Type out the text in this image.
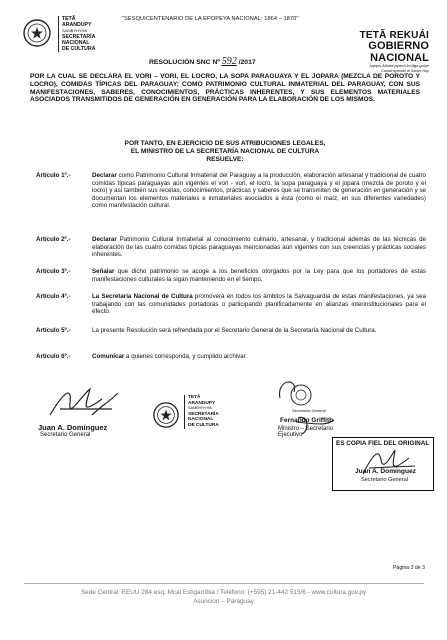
TETÃ
ARANDUPY
SAMBYHYHA
SECRETARÍA
NACIONAL
DE CULTURA
"SESQUICENTENARIO DE LA EPOPEYA NACIONAL: 1864 – 1870"
TETÃ REKUÁI
GOBIERNO NACIONAL
Jajapo Añoite japerõ ko'ãga guive
Construyendo el futuro hoy
RESOLUCIÓN SNC Nº 592 /2017
POR LA CUAL SE DECLARA EL VORI – VORI, EL LOCRO, LA SOPA PARAGUAYA Y EL JOPARA (MEZCLA DE POROTO Y LOCRO), COMIDAS TÍPICAS DEL PARAGUAY; COMO PATRIMONIO CULTURAL INMATERIAL DEL PARAGUAY, CON SUS MANIFESTACIONES, SABERES, CONOCIMIENTOS, PRÁCTICAS INHERENTES, Y SUS ELEMENTOS MATERIALES ASOCIADOS TRANSMITIDOS DE GENERACIÓN EN GENERACIÓN PARA LA ELABORACIÓN DE LOS MISMOS.
POR TANTO, EN EJERCICIO DE SUS ATRIBUCIONES LEGALES,
EL MINISTRO DE LA SECRETARÍA NACIONAL DE CULTURA
RESUELVE:
Artículo 1º.-	Declarar como Patrimonio Cultural Inmaterial del Paraguay a la producción, elaboración artesanal y tradicional de cuatro comidas típicas paraguayas aún vigentes el vori - vori, el locro, la sopa paraguaya y el jopara (mezcla de poroto y el locro) y así también sus recetas, conocimientos, prácticas y saberes que se transmiten de generación en generación y se documentan los elementos materiales e inmateriales asociados a ésta (como el maíz, en sus diferentes variedades) como manifestación cultural.
Artículo 2º.-	Declarar Patrimonio Cultural Inmaterial al conocimiento culinario, artesanal, y tradicional además de las técnicas de elaboración de las cuatro comidas típicas paraguayas mencionadas aún vigentes con sus creencias y prácticas sociales inherentes.
Artículo 3º.-	Señalar que dicho patrimonio se acoge a los beneficios otorgados por la Ley para que los portadores de estas manifestaciones culturales la sigan manteniendo en el tiempo.
Artículo 4º.-	La Secretaría Nacional de Cultura promoverá en todos los ámbitos la Salvaguardia de estas manifestaciones, ya sea trabajando con las comunidades portadoras o participando planificadamente en alianzas interinstitucionales para el efecto.
Artículo 5º.-	La presente Resolución será refrendada por el Secretario General de la Secretaría Nacional de Cultura.
Artículo 6º.-	Comunicar a quienes corresponda, y cumplido archivar.
Juan A. Domínguez
Secretario General
TETÃ
ARANDUPY
SAMBYHYHA
SECRETARÍA
NACIONAL
DE CULTURA
Secretaría General
Fernando Griffith
Ministro – Secretario Ejecutivo
ES COPIA FIEL DEL ORIGINAL
Juan A. Domínguez
Secretario General
Página 3 de 3
Sede Central: EEUU 284 esq. Mcal Estigarribia / Teléfono: (+595) 21-442 515/6 - www.cultura.gov.py
Asunción – Paraguay
